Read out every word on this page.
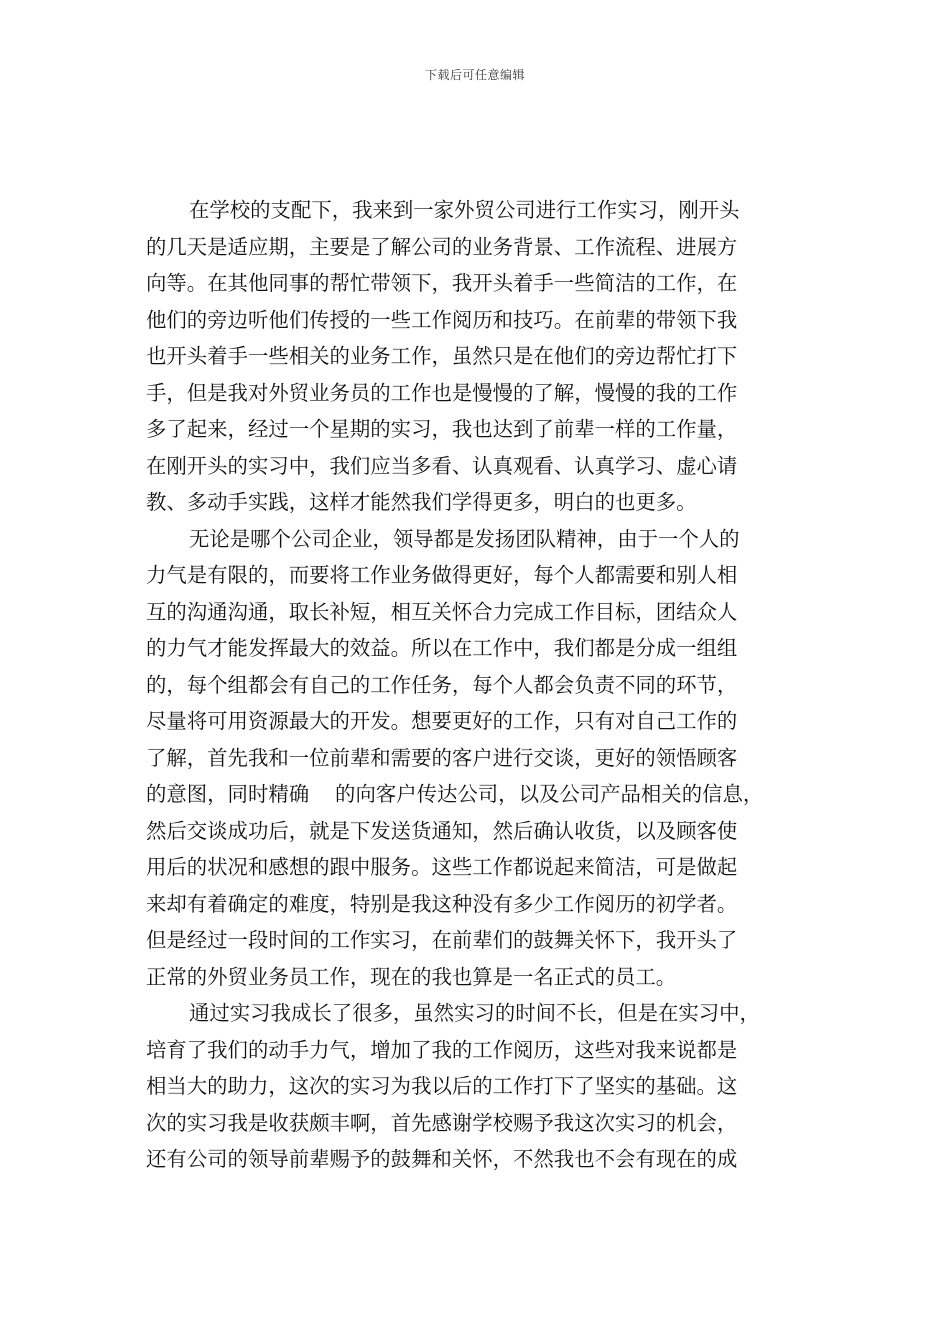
下载后可任意编辑
在学校的支配下，我来到一家外贸公司进行工作实习，刚开头
的几天是适应期，主要是了解公司的业务背景、工作流程、进展方
向等。在其他同事的帮忙带领下，我开头着手一些简洁的工作，在
他们的旁边听他们传授的一些工作阅历和技巧。在前辈的带领下我
也开头着手一些相关的业务工作，虽然只是在他们的旁边帮忙打下
手，但是我对外贸业务员的工作也是慢慢的了解，慢慢的我的工作
多了起来，经过一个星期的实习，我也达到了前辈一样的工作量，
在刚开头的实习中，我们应当多看、认真观看、认真学习、虚心请
教、多动手实践，这样才能然我们学得更多，明白的也更多。
无论是哪个公司企业，领导都是发扬团队精神，由于一个人的
力气是有限的，而要将工作业务做得更好，每个人都需要和别人相
互的沟通沟通，取长补短，相互关怀合力完成工作目标，团结众人
的力气才能发挥最大的效益。所以在工作中，我们都是分成一组组
的，每个组都会有自己的工作任务，每个人都会负责不同的环节，
尽量将可用资源最大的开发。想要更好的工作，只有对自己工作的
了解，首先我和一位前辈和需要的客户进行交谈，更好的领悟顾客
的意图，同时精确    的向客户传达公司，以及公司产品相关的信息，
然后交谈成功后，就是下发送货通知，然后确认收货，以及顾客使
用后的状况和感想的跟中服务。这些工作都说起来简洁，可是做起
来却有着确定的难度，特别是我这种没有多少工作阅历的初学者。
但是经过一段时间的工作实习，在前辈们的鼓舞关怀下，我开头了
正常的外贸业务员工作，现在的我也算是一名正式的员工。
通过实习我成长了很多，虽然实习的时间不长，但是在实习中，
培育了我们的动手力气，增加了我的工作阅历，这些对我来说都是
相当大的助力，这次的实习为我以后的工作打下了坚实的基础。这
次的实习我是收获颇丰啊，首先感谢学校赐予我这次实习的机会，
还有公司的领导前辈赐予的鼓舞和关怀，不然我也不会有现在的成
